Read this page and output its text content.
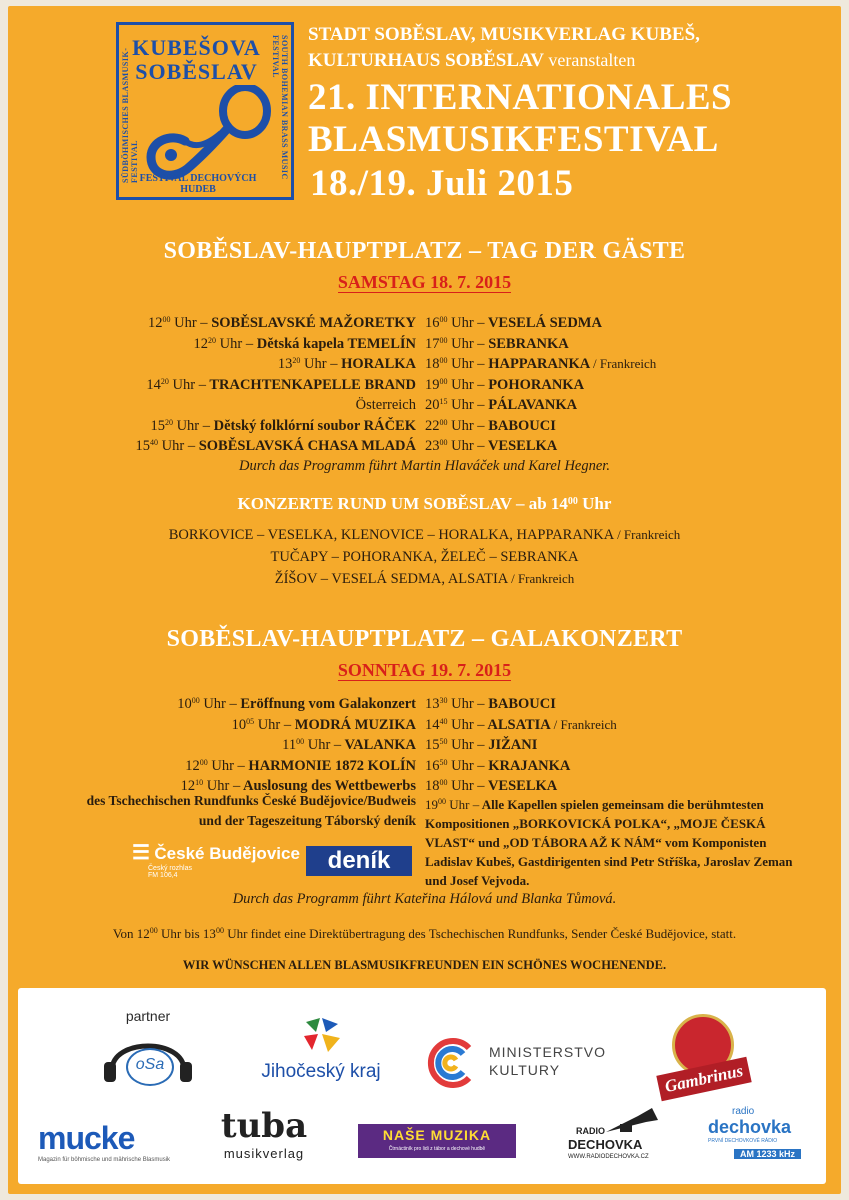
KUBEŠOVA
SOBĚSLAV
SÜDBÖHMISCHES BLASMUSIK-FESTIVAL	SOUTH BOHEMIAN BRASS MUSIC FESTIVAL
FESTIVAL DECHOVÝCH HUDEB
STADT SOBĚSLAV, MUSIKVERLAG KUBEŠ,
KULTURHAUS SOBĚSLAV veranstalten
21. INTERNATIONALES
BLASMUSIKFESTIVAL
18./19. Juli 2015
SOBĚSLAV-HAUPTPLATZ – TAG DER GÄSTE
SAMSTAG 18. 7. 2015
$12^{00}$ Uhr – SOBĚSLAVSKÉ MAŽORETKY
$12^{20}$ Uhr – Dětská kapela TEMELÍN
$13^{20}$ Uhr – HORALKA
$14^{20}$ Uhr – TRACHTENKAPELLE BRAND
Österreich
$15^{20}$ Uhr – Dětský folklórní soubor RÁČEK
$15^{40}$ Uhr – SOBĚSLAVSKÁ CHASA MLADÁ
$16^{00}$ Uhr – VESELÁ SEDMA
$17^{00}$ Uhr – SEBRANKA
$18^{00}$ Uhr – HAPPARANKA / Frankreich
$19^{00}$ Uhr – POHORANKA
$20^{15}$ Uhr – PÁLAVANKA
$22^{00}$ Uhr – BABOUCI
$23^{00}$ Uhr – VESELKA
Durch das Programm führt Martin Hlaváček und Karel Hegner.
KONZERTE RUND UM SOBĚSLAV – ab $14^{00}$ Uhr
BORKOVICE – VESELKA, KLENOVICE – HORALKA, HAPPARANKA / Frankreich
TUČAPY – POHORANKA, ŽELEČ – SEBRANKA
ŽÍŠOV – VESELÁ SEDMA, ALSATIA / Frankreich
SOBĚSLAV-HAUPTPLATZ – GALAKONZERT
SONNTAG 19. 7. 2015
$10^{00}$ Uhr – Eröffnung vom Galakonzert
$10^{05}$ Uhr – MODRÁ MUZIKA
$11^{00}$ Uhr – VALANKA
$12^{00}$ Uhr – HARMONIE 1872 KOLÍN
$12^{10}$ Uhr – Auslosung des Wettbewerbs
des Tschechischen Rundfunks České Budějovice/Budweis
und der Tageszeitung Táborský deník
$13^{30}$ Uhr – BABOUCI
$14^{40}$ Uhr – ALSATIA / Frankreich
$15^{50}$ Uhr – JIŽANI
$16^{50}$ Uhr – KRAJANKA
$18^{00}$ Uhr – VESELKA
$19^{00}$ Uhr – Alle Kapellen spielen gemeinsam die berühmtesten
Kompositionen „BORKOVICKÁ POLKA“, „MOJE ČESKÁ
VLAST“ und „OD TÁBORA AŽ K NÁM“ vom Komponisten
Ladislav Kubeš, Gastdirigenten sind Petr Stříška, Jaroslav Zeman
und Josef Vejvoda.
☰ České Budějovice
Český rozhlas
FM 106,4
deník
Durch das Programm führt Kateřina Hálová und Blanka Tůmová.
Von $12^{00}$ Uhr bis $13^{00}$ Uhr findet eine Direktübertragung des Tschechischen Rundfunks, Sender České Budějovice, statt.
WIR WÜNSCHEN ALLEN BLASMUSIKFREUNDEN EIN SCHÖNES WOCHENENDE.
partner
oSa	Jihočeský kraj
MINISTERSTVO
KULTURY	Gambrinus
mucke
Magazin für böhmische und mährische Blasmusik
tuba
musikverlag
NAŠE MUZIKA
Čtrnáctiník pro lidi z tábor a dechové hudbě
RADIO
DECHOVKA
WWW.RADIODECHOVKA.CZ
radio
dechovka
PRVNÍ DECHOVKOVÉ RÁDIO
AM 1233 kHz
